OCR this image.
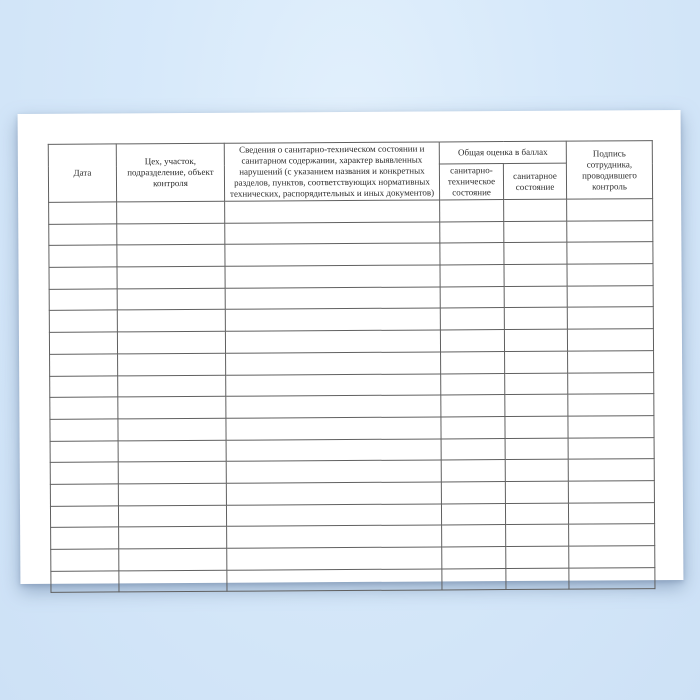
Дата	Цех, участок, подразделение, объект контроля	Сведения о санитарно-техническом состоянии и санитарном содержании, характер выявленных нарушений (с указанием названия и конкретных разделов, пунктов, соответствующих нормативных технических, распорядительных и иных документов)	Общая оценка в баллах		Подпись сотрудника, проводившего контроль
			санитарно-техническое состояние	санитарное состояние	
